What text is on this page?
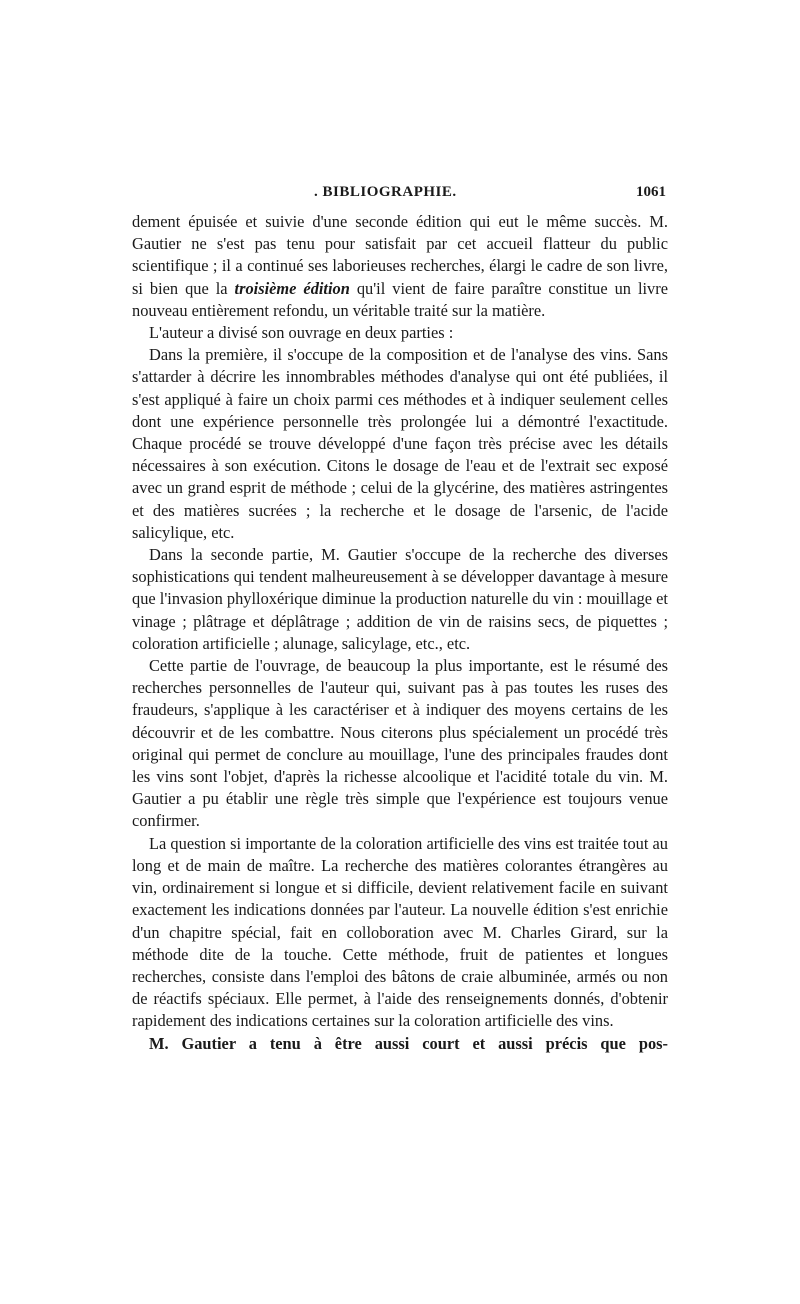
. BIBLIOGRAPHIE.	1061

dement épuisée et suivie d'une seconde édition qui eut le même succès. M. Gautier ne s'est pas tenu pour satisfait par cet accueil flatteur du public scientifique ; il a continué ses laborieuses recherches, élargi le cadre de son livre, si bien que la troisième édition qu'il vient de faire paraître constitue un livre nouveau entièrement refondu, un véritable traité sur la matière.

L'auteur a divisé son ouvrage en deux parties :

Dans la première, il s'occupe de la composition et de l'analyse des vins. Sans s'attarder à décrire les innombrables méthodes d'analyse qui ont été publiées, il s'est appliqué à faire un choix parmi ces méthodes et à indiquer seulement celles dont une expérience personnelle très prolongée lui a démontré l'exactitude. Chaque procédé se trouve développé d'une façon très précise avec les détails nécessaires à son exécution. Citons le dosage de l'eau et de l'extrait sec exposé avec un grand esprit de méthode ; celui de la glycérine, des matières astringentes et des matières sucrées ; la recherche et le dosage de l'arsenic, de l'acide salicylique, etc.

Dans la seconde partie, M. Gautier s'occupe de la recherche des diverses sophistications qui tendent malheureusement à se développer davantage à mesure que l'invasion phylloxérique diminue la production naturelle du vin : mouillage et vinage ; plâtrage et déplâtrage ; addition de vin de raisins secs, de piquettes ; coloration artificielle ; alunage, salicylage, etc., etc.

Cette partie de l'ouvrage, de beaucoup la plus importante, est le résumé des recherches personnelles de l'auteur qui, suivant pas à pas toutes les ruses des fraudeurs, s'applique à les caractériser et à indiquer des moyens certains de les découvrir et de les combattre. Nous citerons plus spécialement un procédé très original qui permet de conclure au mouillage, l'une des principales fraudes dont les vins sont l'objet, d'après la richesse alcoolique et l'acidité totale du vin. M. Gautier a pu établir une règle très simple que l'expérience est toujours venue confirmer.

La question si importante de la coloration artificielle des vins est traitée tout au long et de main de maître. La recherche des matières colorantes étrangères au vin, ordinairement si longue et si difficile, devient relativement facile en suivant exactement les indications données par l'auteur. La nouvelle édition s'est enrichie d'un chapitre spécial, fait en colloboration avec M. Charles Girard, sur la méthode dite de la touche. Cette méthode, fruit de patientes et longues recherches, consiste dans l'emploi des bâtons de craie albuminée, armés ou non de réactifs spéciaux. Elle permet, à l'aide des renseignements donnés, d'obtenir rapidement des indications certaines sur la coloration artificielle des vins.

M. Gautier a tenu à être aussi court et aussi précis que pos-
